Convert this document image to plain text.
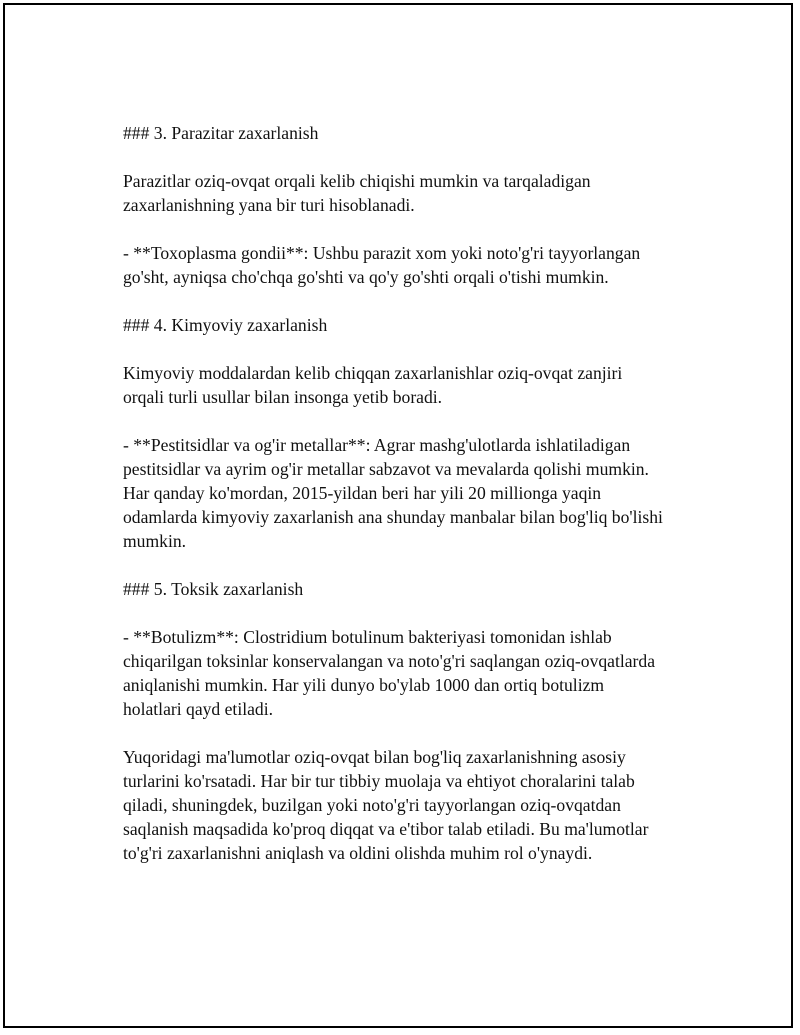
### 3. Parazitar zaxarlanish

Parazitlar oziq-ovqat orqali kelib chiqishi mumkin va tarqaladigan
zaxarlanishning yana bir turi hisoblanadi.

- **Toxoplasma gondii**: Ushbu parazit xom yoki noto'g'ri tayyorlangan
go'sht, ayniqsa cho'chqa go'shti va qo'y go'shti orqali o'tishi mumkin.

### 4. Kimyoviy zaxarlanish

Kimyoviy moddalardan kelib chiqqan zaxarlanishlar oziq-ovqat zanjiri
orqali turli usullar bilan insonga yetib boradi.

- **Pestitsidlar va og'ir metallar**: Agrar mashg'ulotlarda ishlatiladigan
pestitsidlar va ayrim og'ir metallar sabzavot va mevalarda qolishi mumkin.
Har qanday ko'mordan, 2015-yildan beri har yili 20 millionga yaqin
odamlarda kimyoviy zaxarlanish ana shunday manbalar bilan bog'liq bo'lishi
mumkin.

### 5. Toksik zaxarlanish

- **Botulizm**: Clostridium botulinum bakteriyasi tomonidan ishlab
chiqarilgan toksinlar konservalangan va noto'g'ri saqlangan oziq-ovqatlarda
aniqlanishi mumkin. Har yili dunyo bo'ylab 1000 dan ortiq botulizm
holatlari qayd etiladi.

Yuqoridagi ma'lumotlar oziq-ovqat bilan bog'liq zaxarlanishning asosiy
turlarini ko'rsatadi. Har bir tur tibbiy muolaja va ehtiyot choralarini talab
qiladi, shuningdek, buzilgan yoki noto'g'ri tayyorlangan oziq-ovqatdan
saqlanish maqsadida ko'proq diqqat va e'tibor talab etiladi. Bu ma'lumotlar
to'g'ri zaxarlanishni aniqlash va oldini olishda muhim rol o'ynaydi.
